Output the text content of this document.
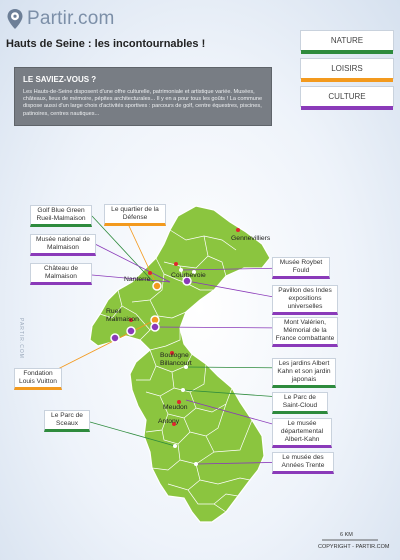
Partir.com
Hauts de Seine : les incontournables !	NATURE
LOISIRS
CULTURE
LE SAVIEZ-VOUS ?
Les Hauts-de-Seine disposent d'une offre culturelle, patrimoniale et artistique variée. Musées, châteaux, lieux de mémoire, pépites architecturales... Il y en a pour tous les goûts ! La commune dispose aussi d'un large choix d'activités sportives : parcours de golf, centre équestres, piscines, patinoires, centres nautiques...
PARTIR.COM
Gennevilliers
Nanterre
Courbevoie
Rueil Malmaison
Boulogne Billancourt
Meudon
Antony
Golf Blue Green Rueil-Malmaison
Le quartier de la Défense
Musée national de Malmaison
Château de Malmaison
Fondation Louis Vuitton
Le Parc de Sceaux
Musée Roybet Fould
Pavillon des Indes expositions universelles
Mont Valérien, Mémorial de la France combattante
Les jardins Albert Kahn et son jardin japonais
Le Parc de Saint-Cloud
Le musée départemental Albert-Kahn
Le musée des Années Trente
6 KM
COPYRIGHT - PARTIR.COM
